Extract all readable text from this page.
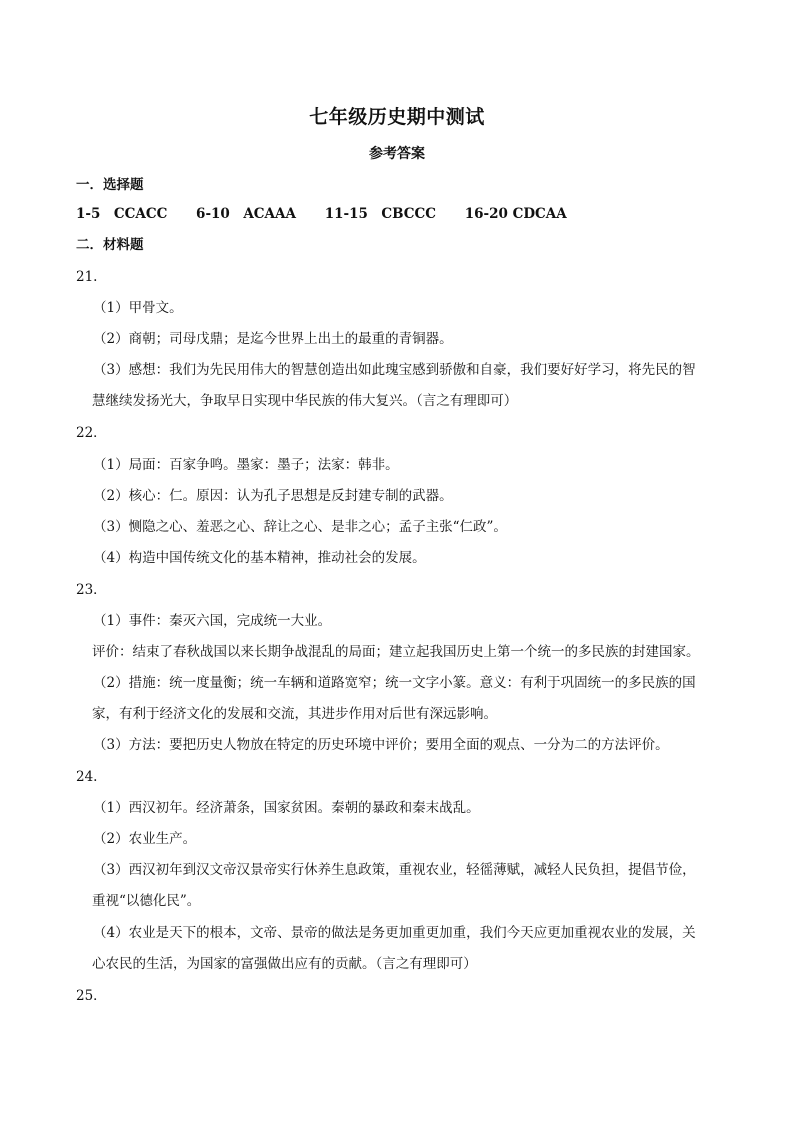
七年级历史期中测试
参考答案
一．选择题
1-5　CCACC 6-10　ACAAA 11-15　CBCCC 16-20 CDCAA
二．材料题
21.
（1）甲骨文。
（2）商朝；司母戊鼎；是迄今世界上出土的最重的青铜器。
（3）感想：我们为先民用伟大的智慧创造出如此瑰宝感到骄傲和自豪，我们要好好学习，将先民的智
慧继续发扬光大，争取早日实现中华民族的伟大复兴。（言之有理即可）
22．
（1）局面：百家争鸣。墨家：墨子；法家：韩非。
（2）核心：仁。原因：认为孔子思想是反封建专制的武器。
（3）恻隐之心、羞恶之心、辞让之心、是非之心；孟子主张“仁政”。
（4）构造中国传统文化的基本精神，推动社会的发展。
23．
（1）事件：秦灭六国，完成统一大业。
评价：结束了春秋战国以来长期争战混乱的局面；建立起我国历史上第一个统一的多民族的封建国家。
（2）措施：统一度量衡；统一车辆和道路宽窄；统一文字小篆。意义：有利于巩固统一的多民族的国
家，有利于经济文化的发展和交流，其进步作用对后世有深远影响。
（3）方法：要把历史人物放在特定的历史环境中评价；要用全面的观点、一分为二的方法评价。
24.
（1）西汉初年。经济萧条，国家贫困。秦朝的暴政和秦末战乱。
（2）农业生产。
（3）西汉初年到汉文帝汉景帝实行休养生息政策，重视农业，轻徭薄赋，减轻人民负担，提倡节俭，
重视“以德化民”。
（4）农业是天下的根本，文帝、景帝的做法是务更加重更加重，我们今天应更加重视农业的发展，关
心农民的生活，为国家的富强做出应有的贡献。（言之有理即可）
25．
